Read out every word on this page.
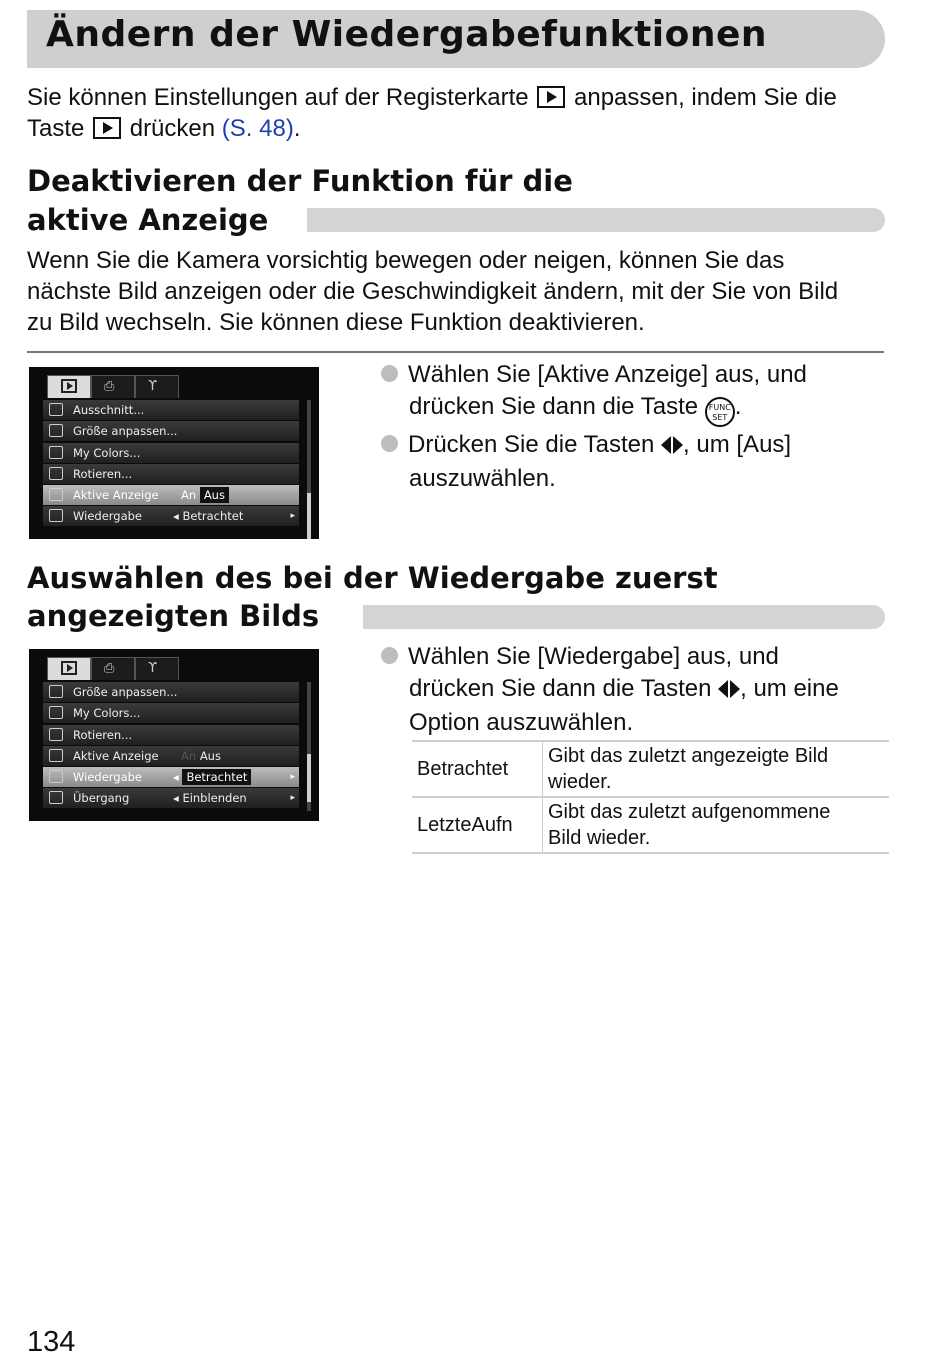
Ändern der Wiedergabefunktionen
Sie können Einstellungen auf der Registerkarte anpassen, indem Sie die
Taste drücken (S. 48).
Deaktivieren der Funktion für die
aktive Anzeige
Wenn Sie die Kamera vorsichtig bewegen oder neigen, können Sie das
nächste Bild anzeigen oder die Geschwindigkeit ändern, mit der Sie von Bild
zu Bild wechseln. Sie können diese Funktion deaktivieren.
⎙	ϒ
Ausschnitt...
Größe anpassen...
My Colors...
Rotieren...
Aktive Anzeige An Aus
Wiedergabe	◂ Betrachtet	▸
Wählen Sie [Aktive Anzeige] aus, und
drücken Sie dann die Taste FUNC
SET .
Drücken Sie die Tasten , um [Aus]
auszuwählen.
Auswählen des bei der Wiedergabe zuerst
angezeigten Bilds
⎙	ϒ
Größe anpassen...
My Colors...
Rotieren...
Aktive Anzeige An Aus
Wiedergabe	◂ Betrachtet	▸
Übergang	◂ Einblenden	▸
Wählen Sie [Wiedergabe] aus, und
drücken Sie dann die Tasten , um eine
Option auszuwählen.
Betrachtet	Gibt das zuletzt angezeigte Bild
wieder.
LetzteAufn	Gibt das zuletzt aufgenommene
Bild wieder.
134
